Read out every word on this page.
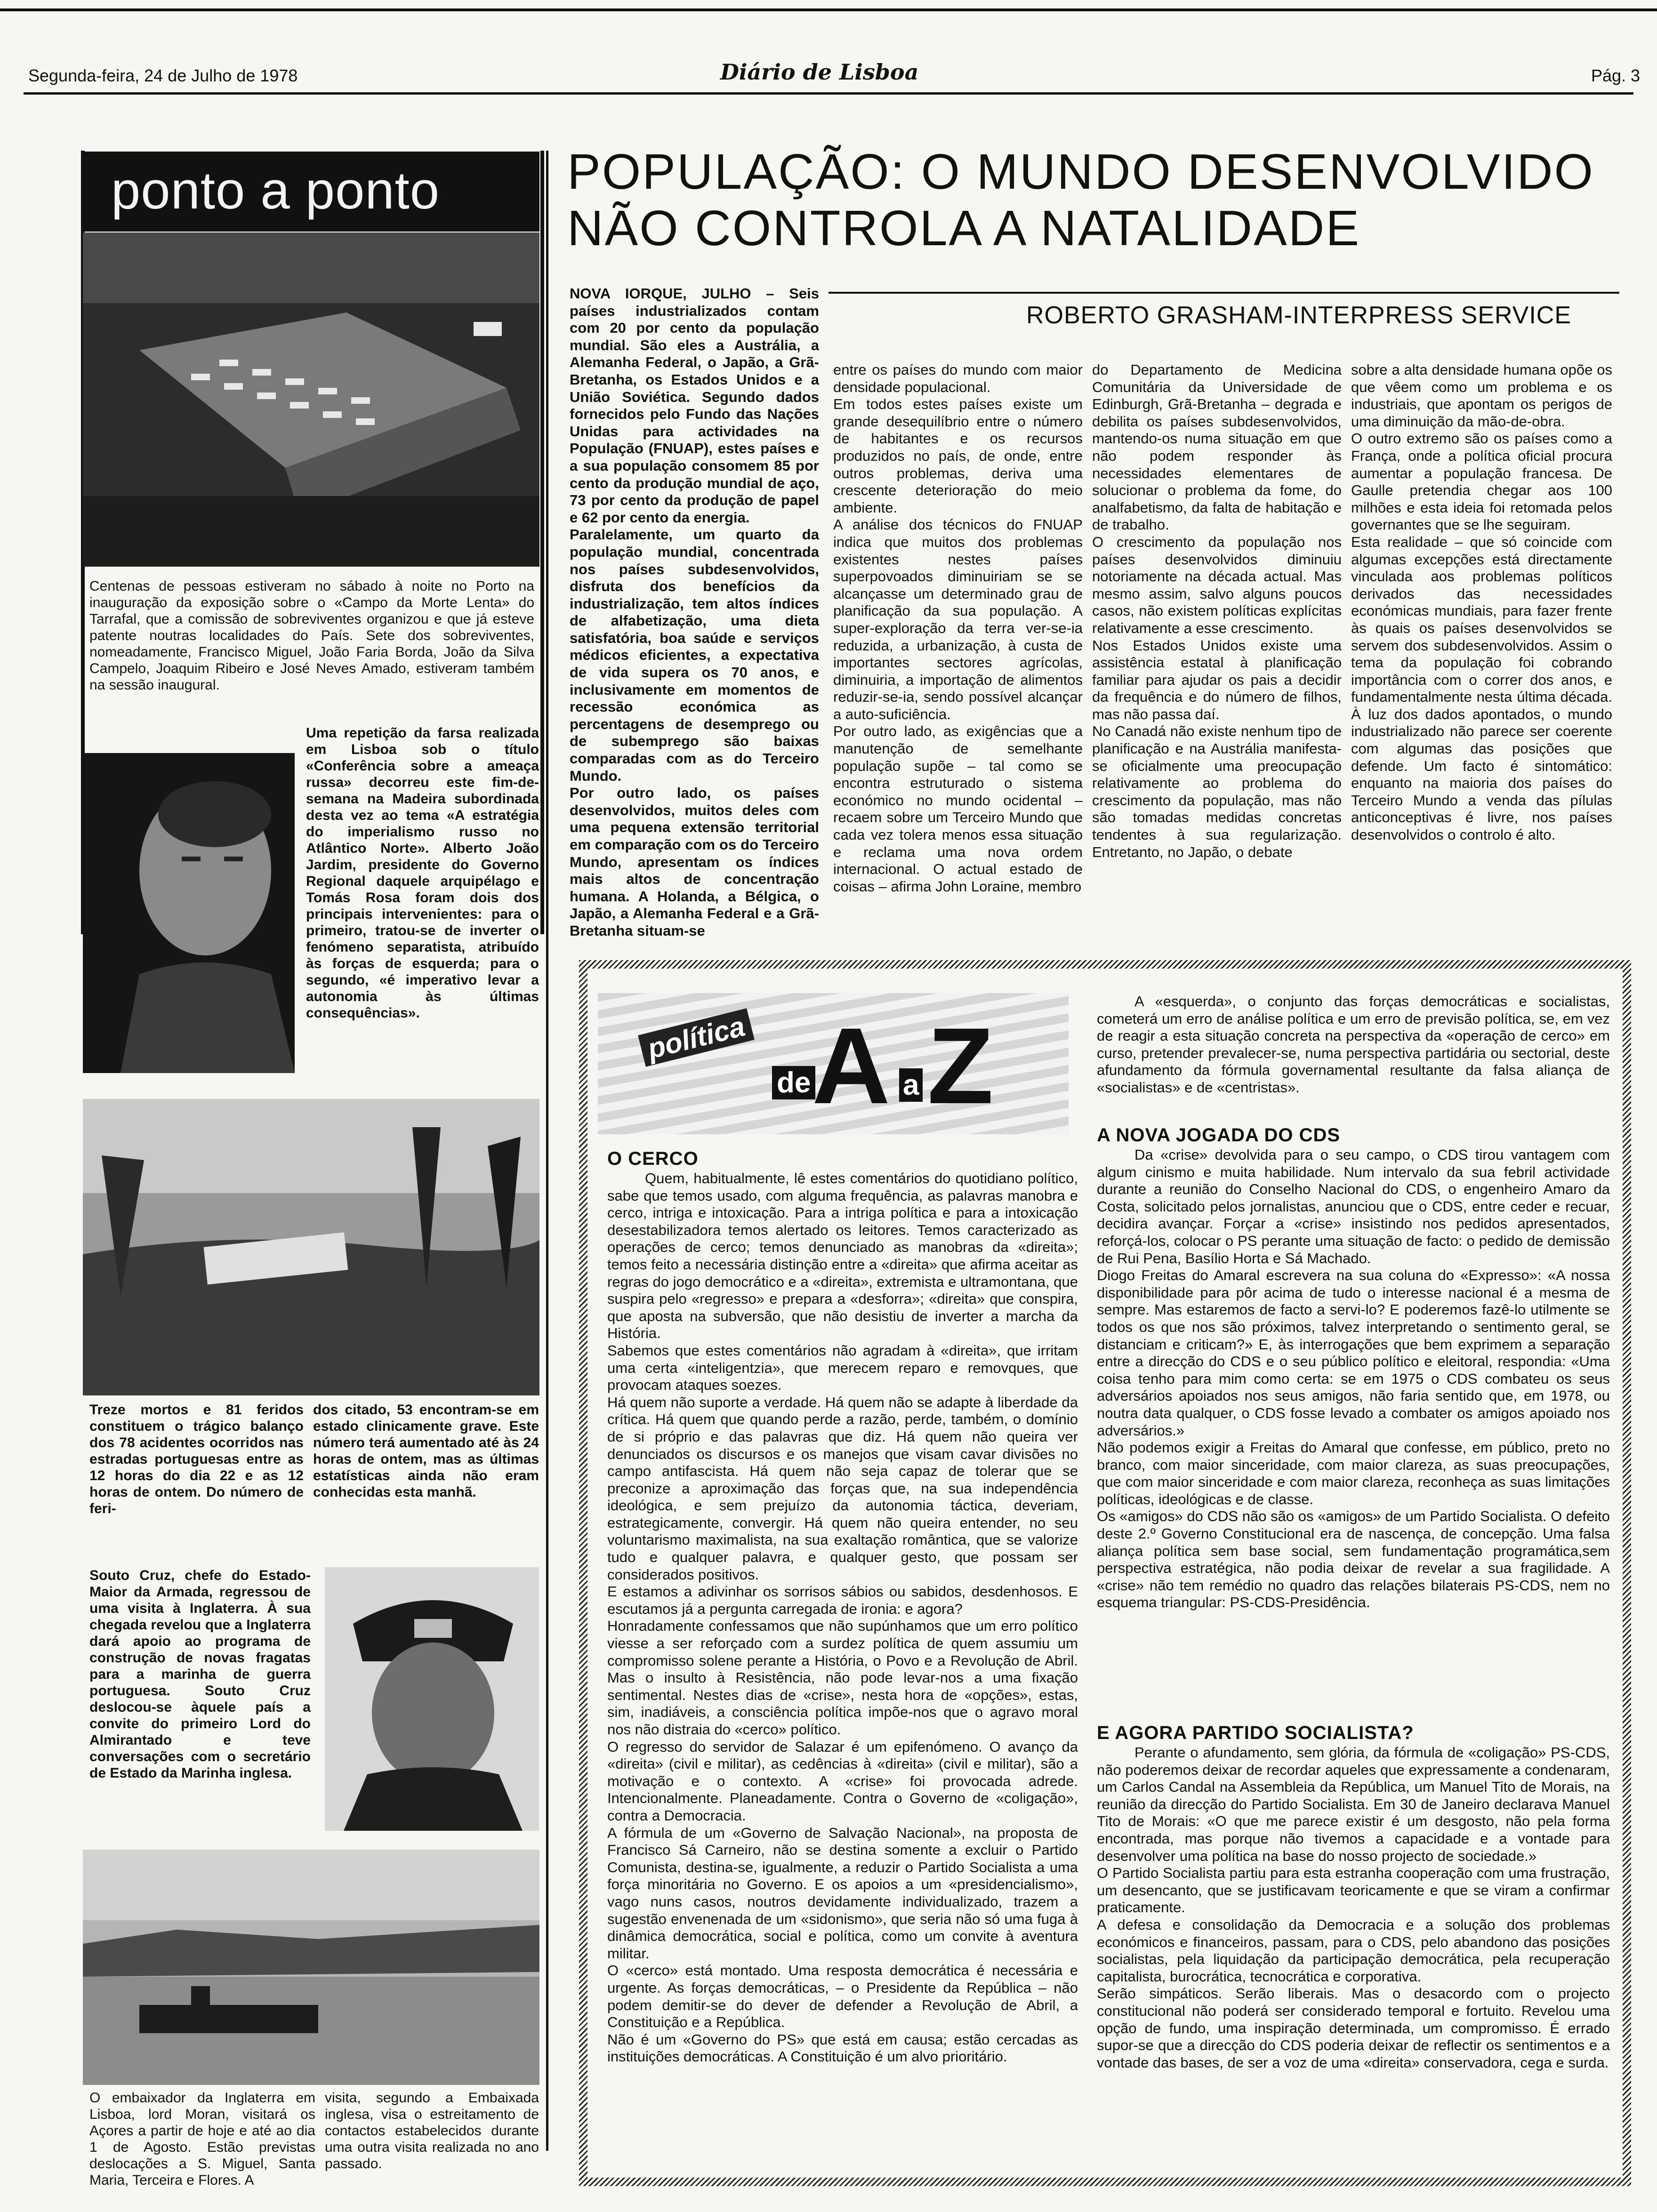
Segunda-feira, 24 de Julho de 1978	Diário de Lisboa	Pág. 3
ponto a ponto

Centenas de pessoas estiveram no sábado à noite no Porto na inauguração da exposição sobre o «Campo da Morte Lenta» do Tarrafal, que a comissão de sobreviventes organizou e que já esteve patente noutras localidades do País. Sete dos sobreviventes, nomeadamente, Francisco Miguel, João Faria Borda, João da Silva Campelo, Joaquim Ribeiro e José Neves Amado, estiveram também na sessão inaugural.

Uma repetição da farsa realizada em Lisboa sob o título «Conferência sobre a ameaça russa» decorreu este fim-de-semana na Madeira subordinada desta vez ao tema «A estratégia do imperialismo russo no Atlântico Norte». Alberto João Jardim, presidente do Governo Regional daquele arquipélago e Tomás Rosa foram dois dos principais intervenientes: para o primeiro, tratou-se de inverter o fenómeno separatista, atribuído às forças de esquerda; para o segundo, «é imperativo levar a autonomia às últimas consequências».

Treze mortos e 81 feridos constituem o trágico balanço dos 78 acidentes ocorridos nas estradas portuguesas entre as 12 horas do dia 22 e as 12 horas de ontem. Do número de feri-

dos citado, 53 encontram-se em estado clinicamente grave. Este número terá aumentado até às 24 horas de ontem, mas as últimas estatísticas ainda não eram conhecidas esta manhã.

Souto Cruz, chefe do Estado-Maior da Armada, regressou de uma visita à Inglaterra. À sua chegada revelou que a Inglaterra dará apoio ao programa de construção de novas fragatas para a marinha de guerra portuguesa. Souto Cruz deslocou-se àquele país a convite do primeiro Lord do Almirantado e teve conversações com o secretário de Estado da Marinha inglesa.

O embaixador da Inglaterra em Lisboa, lord Moran, visitará os Açores a partir de hoje e até ao dia 1 de Agosto. Estão previstas deslocações a S. Miguel, Santa Maria, Terceira e Flores. A

visita, segundo a Embaixada inglesa, visa o estreitamento de contactos estabelecidos durante uma outra visita realizada no ano passado.

POPULAÇÃO: O MUNDO DESENVOLVIDO
NÃO CONTROLA A NATALIDADE
ROBERTO GRASHAM-INTERPRESS SERVICE

NOVA IORQUE, JULHO – Seis países industrializados contam com 20 por cento da população mundial. São eles a Austrália, a Alemanha Federal, o Japão, a Grã-Bretanha, os Estados Unidos e a União Soviética. Segundo dados fornecidos pelo Fundo das Nações Unidas para actividades na População (FNUAP), estes países e a sua população consomem 85 por cento da produção mundial de aço, 73 por cento da produção de papel e 62 por cento da energia.
Paralelamente, um quarto da população mundial, concentrada nos países subdesenvolvidos, disfruta dos benefícios da industrialização, tem altos índices de alfabetização, uma dieta satisfatória, boa saúde e serviços médicos eficientes, a expectativa de vida supera os 70 anos, e inclusivamente em momentos de recessão económica as percentagens de desemprego ou de subemprego são baixas comparadas com as do Terceiro Mundo.
Por outro lado, os países desenvolvidos, muitos deles com uma pequena extensão territorial em comparação com os do Terceiro Mundo, apresentam os índices mais altos de concentração humana. A Holanda, a Bélgica, o Japão, a Alemanha Federal e a Grã-Bretanha situam-se

entre os países do mundo com maior densidade populacional.
Em todos estes países existe um grande desequilíbrio entre o número de habitantes e os recursos produzidos no país, de onde, entre outros problemas, deriva uma crescente deterioração do meio ambiente.
A análise dos técnicos do FNUAP indica que muitos dos problemas existentes nestes países superpovoados diminuiriam se se alcançasse um determinado grau de planificação da sua população. A super-exploração da terra ver-se-ia reduzida, a urbanização, à custa de importantes sectores agrícolas, diminuiria, a importação de alimentos reduzir-se-ia, sendo possível alcançar a auto-suficiência.
Por outro lado, as exigências que a manutenção de semelhante população supõe – tal como se encontra estruturado o sistema económico no mundo ocidental – recaem sobre um Terceiro Mundo que cada vez tolera menos essa situação e reclama uma nova ordem internacional. O actual estado de coisas – afirma John Loraine, membro

do Departamento de Medicina Comunitária da Universidade de Edinburgh, Grã-Bretanha – degrada e debilita os países subdesenvolvidos, mantendo-os numa situação em que não podem responder às necessidades elementares de solucionar o problema da fome, do analfabetismo, da falta de habitação e de trabalho.
O crescimento da população nos países desenvolvidos diminuiu notoriamente na década actual. Mas mesmo assim, salvo alguns poucos casos, não existem políticas explícitas relativamente a esse crescimento.
Nos Estados Unidos existe uma assistência estatal à planificação familiar para ajudar os pais a decidir da frequência e do número de filhos, mas não passa daí.
No Canadá não existe nenhum tipo de planificação e na Austrália manifesta-se oficialmente uma preocupação relativamente ao problema do crescimento da população, mas não são tomadas medidas concretas tendentes à sua regularização. Entretanto, no Japão, o debate

sobre a alta densidade humana opõe os que vêem como um problema e os industriais, que apontam os perigos de uma diminuição da mão-de-obra.
O outro extremo são os países como a França, onde a política oficial procura aumentar a população francesa. De Gaulle pretendia chegar aos 100 milhões e esta ideia foi retomada pelos governantes que se lhe seguiram.
Esta realidade – que só coincide com algumas excepções está directamente vinculada aos problemas políticos derivados das necessidades económicas mundiais, para fazer frente às quais os países desenvolvidos se servem dos subdesenvolvidos. Assim o tema da população foi cobrando importância com o correr dos anos, e fundamentalmente nesta última década. À luz dos dados apontados, o mundo industrializado não parece ser coerente com algumas das posições que defende. Um facto é sintomático: enquanto na maioria dos países do Terceiro Mundo a venda das pílulas anticonceptivas é livre, nos países desenvolvidos o controlo é alto.

política
de A a Z
O CERCO

Quem, habitualmente, lê estes comentários do quotidiano político, sabe que temos usado, com alguma frequência, as palavras manobra e cerco, intriga e intoxicação. Para a intriga política e para a intoxicação desestabilizadora temos alertado os leitores. Temos caracterizado as operações de cerco; temos denunciado as manobras da «direita»; temos feito a necessária distinção entre a «direita» que afirma aceitar as regras do jogo democrático e a «direita», extremista e ultramontana, que suspira pelo «regresso» e prepara a «desforra»; «direita» que conspira, que aposta na subversão, que não desistiu de inverter a marcha da História.
Sabemos que estes comentários não agradam à «direita», que irritam uma certa «inteligentzia», que merecem reparo e removques, que provocam ataques soezes.
Há quem não suporte a verdade. Há quem não se adapte à liberdade da crítica. Há quem que quando perde a razão, perde, também, o domínio de si próprio e das palavras que diz. Há quem não queira ver denunciados os discursos e os manejos que visam cavar divisões no campo antifascista. Há quem não seja capaz de tolerar que se preconize a aproximação das forças que, na sua independência ideológica, e sem prejuízo da autonomia táctica, deveriam, estrategicamente, convergir. Há quem não queira entender, no seu voluntarismo maximalista, na sua exaltação romântica, que se valorize tudo e qualquer palavra, e qualquer gesto, que possam ser considerados positivos.
E estamos a adivinhar os sorrisos sábios ou sabidos, desdenhosos. E escutamos já a pergunta carregada de ironia: e agora?
Honradamente confessamos que não supúnhamos que um erro político viesse a ser reforçado com a surdez política de quem assumiu um compromisso solene perante a História, o Povo e a Revolução de Abril. Mas o insulto à Resistência, não pode levar-nos a uma fixação sentimental. Nestes dias de «crise», nesta hora de «opções», estas, sim, inadiáveis, a consciência política impõe-nos que o agravo moral nos não distraia do «cerco» político.
O regresso do servidor de Salazar é um epifenómeno. O avanço da «direita» (civil e militar), as cedências à «direita» (civil e militar), são a motivação e o contexto. A «crise» foi provocada adrede. Intencionalmente. Planeadamente. Contra o Governo de «coligação», contra a Democracia.
A fórmula de um «Governo de Salvação Nacional», na proposta de Francisco Sá Carneiro, não se destina somente a excluir o Partido Comunista, destina-se, igualmente, a reduzir o Partido Socialista a uma força minoritária no Governo. E os apoios a um «presidencialismo», vago nuns casos, noutros devidamente individualizado, trazem a sugestão envenenada de um «sidonismo», que seria não só uma fuga à dinâmica democrática, social e política, como um convite à aventura militar.
O «cerco» está montado. Uma resposta democrática é necessária e urgente. As forças democráticas, – o Presidente da República – não podem demitir-se do dever de defender a Revolução de Abril, a Constituição e a República.
Não é um «Governo do PS» que está em causa; estão cercadas as instituições democráticas. A Constituição é um alvo prioritário.

A «esquerda», o conjunto das forças democráticas e socialistas, cometerá um erro de análise política e um erro de previsão política, se, em vez de reagir a esta situação concreta na perspectiva da «operação de cerco» em curso, pretender prevalecer-se, numa perspectiva partidária ou sectorial, deste afundamento da fórmula governamental resultante da falsa aliança de «socialistas» e de «centristas».

A NOVA JOGADA DO CDS

Da «crise» devolvida para o seu campo, o CDS tirou vantagem com algum cinismo e muita habilidade. Num intervalo da sua febril actividade durante a reunião do Conselho Nacional do CDS, o engenheiro Amaro da Costa, solicitado pelos jornalistas, anunciou que o CDS, entre ceder e recuar, decidira avançar. Forçar a «crise» insistindo nos pedidos apresentados, reforçá-los, colocar o PS perante uma situação de facto: o pedido de demissão de Rui Pena, Basílio Horta e Sá Machado.
Diogo Freitas do Amaral escrevera na sua coluna do «Expresso»: «A nossa disponibilidade para pôr acima de tudo o interesse nacional é a mesma de sempre. Mas estaremos de facto a servi-lo? E poderemos fazê-lo utilmente se todos os que nos são próximos, talvez interpretando o sentimento geral, se distanciam e criticam?» E, às interrogações que bem exprimem a separação entre a direcção do CDS e o seu público político e eleitoral, respondia: «Uma coisa tenho para mim como certa: se em 1975 o CDS combateu os seus adversários apoiados nos seus amigos, não faria sentido que, em 1978, ou noutra data qualquer, o CDS fosse levado a combater os amigos apoiado nos adversários.»
Não podemos exigir a Freitas do Amaral que confesse, em público, preto no branco, com maior sinceridade, com maior clareza, as suas preocupações, que com maior sinceridade e com maior clareza, reconheça as suas limitações políticas, ideológicas e de classe.
Os «amigos» do CDS não são os «amigos» de um Partido Socialista. O defeito deste 2.º Governo Constitucional era de nascença, de concepção. Uma falsa aliança política sem base social, sem fundamentação programática,sem perspectiva estratégica, não podia deixar de revelar a sua fragilidade. A «crise» não tem remédio no quadro das relações bilaterais PS-CDS, nem no esquema triangular: PS-CDS-Presidência.

E AGORA PARTIDO SOCIALISTA?

Perante o afundamento, sem glória, da fórmula de «coligação» PS-CDS, não poderemos deixar de recordar aqueles que expressamente a condenaram, um Carlos Candal na Assembleia da República, um Manuel Tito de Morais, na reunião da direcção do Partido Socialista. Em 30 de Janeiro declarava Manuel Tito de Morais: «O que me parece existir é um desgosto, não pela forma encontrada, mas porque não tivemos a capacidade e a vontade para desenvolver uma política na base do nosso projecto de sociedade.»
O Partido Socialista partiu para esta estranha cooperação com uma frustração, um desencanto, que se justificavam teoricamente e que se viram a confirmar praticamente.
A defesa e consolidação da Democracia e a solução dos problemas económicos e financeiros, passam, para o CDS, pelo abandono das posições socialistas, pela liquidação da participação democrática, pela recuperação capitalista, burocrática, tecnocrática e corporativa.
Serão simpáticos. Serão liberais. Mas o desacordo com o projecto constitucional não poderá ser considerado temporal e fortuito. Revelou uma opção de fundo, uma inspiração determinada, um compromisso. É errado supor-se que a direcção do CDS poderia deixar de reflectir os sentimentos e a vontade das bases, de ser a voz de uma «direita» conservadora, cega e surda.
